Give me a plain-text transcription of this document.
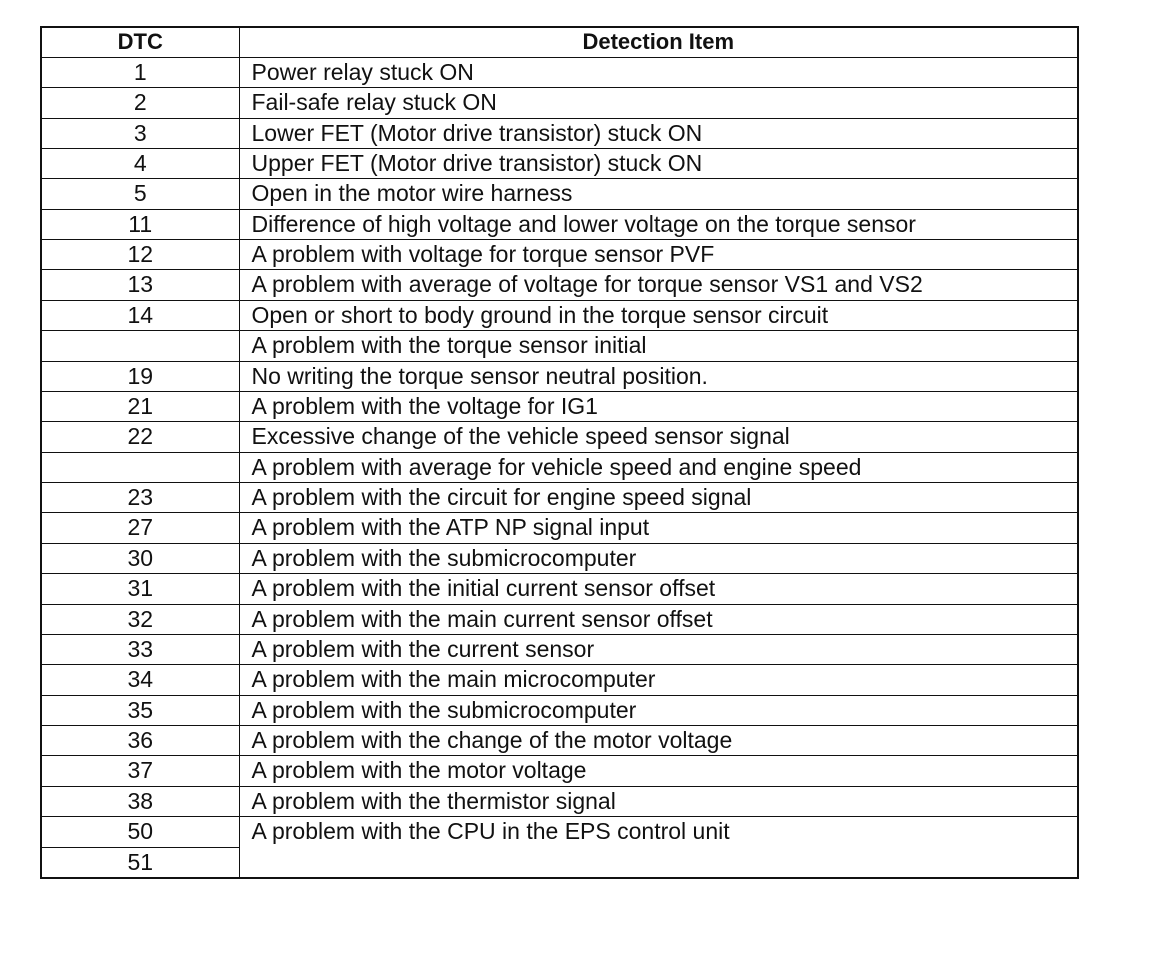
DTC	Detection Item
1	Power relay stuck ON
2	Fail-safe relay stuck ON
3	Lower FET (Motor drive transistor) stuck ON
4	Upper FET (Motor drive transistor) stuck ON
5	Open in the motor wire harness
11	Difference of high voltage and lower voltage on the torque sensor
12	A problem with voltage for torque sensor PVF
13	A problem with average of voltage for torque sensor VS1 and VS2
14	Open or short to body ground in the torque sensor circuit
	A problem with the torque sensor initial
19	No writing the torque sensor neutral position.
21	A problem with the voltage for IG1
22	Excessive change of the vehicle speed sensor signal
	A problem with average for vehicle speed and engine speed
23	A problem with the circuit for engine speed signal
27	A problem with the ATP NP signal input
30	A problem with the submicrocomputer
31	A problem with the initial current sensor offset
32	A problem with the main current sensor offset
33	A problem with the current sensor
34	A problem with the main microcomputer
35	A problem with the submicrocomputer
36	A problem with the change of the motor voltage
37	A problem with the motor voltage
38	A problem with the thermistor signal
50	A problem with the CPU in the EPS control unit
51	
